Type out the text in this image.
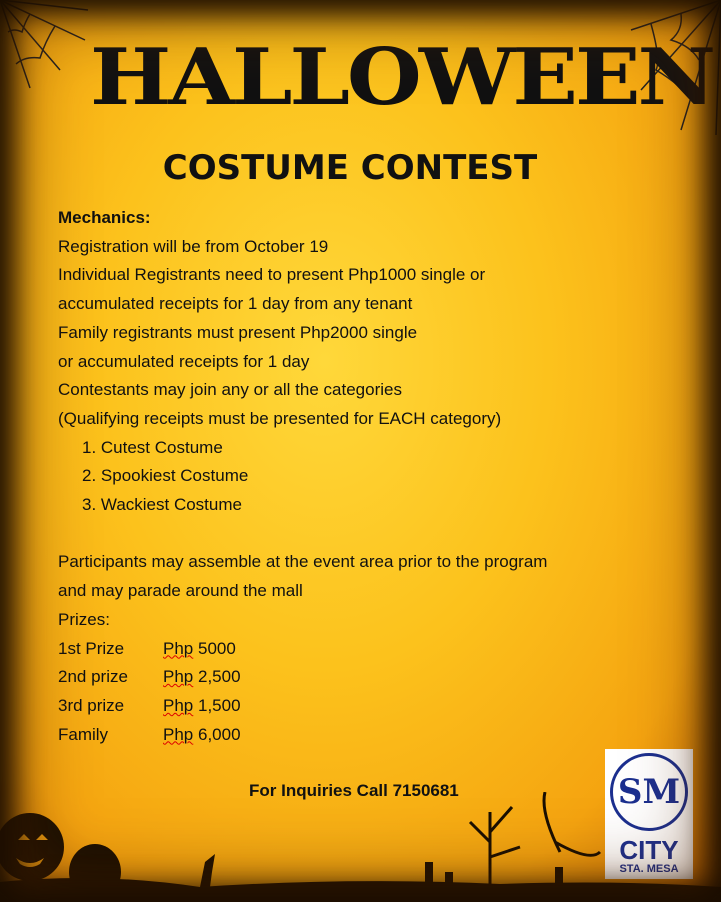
HALLOWEEN
COSTUME CONTEST
Mechanics:
Registration will be from October 19
Individual Registrants need to present Php1000 single or
accumulated receipts for 1 day from any tenant
Family registrants must present Php2000 single
or accumulated receipts for 1 day
Contestants may join any or all the categories
(Qualifying receipts must be presented for EACH category)
1. Cutest Costume
2. Spookiest Costume
3. Wackiest Costume
Participants may assemble at the event area prior to the program
and may parade around the mall
Prizes:
1st Prize	Php 5000
2nd prize	Php 2,500
3rd prize	Php 1,500
Family	Php 6,000
For Inquiries Call 7150681	SM
CITY
STA. MESA
